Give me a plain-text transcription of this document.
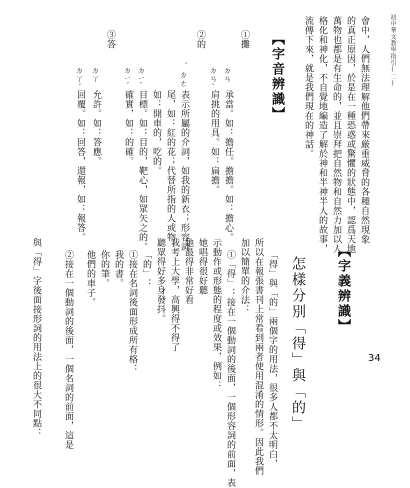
初中華文教學指引(二)
會中，人們無法理解他們帶來厳重威脅的各種自然現象
的真正原因，於是在一種恐惑或驚懼的狀態中，認爲天地
萬物也都是有生命的，並且崇拜把自然物和自然力加以人
格化和神化，不自覺地編造了解於神和半神半人的故事，
流傳下來，就是我們現在的神話。
【字音辨識】
①攤
ㄉㄢ
承當。如：擔任。擔擔。如：擔心。
ㄉㄢˋ
肩挑的用具。如：扁擔。
②的
．ㄉㄜ
表示所屬的介詞，如我的新衣；形容詞
尾，如：紅的花；代替所指的人或物。
如：開車的，吃的。
ㄉㄧˋ
目標。如：目的，靶心，如眾矢之的。
ㄉㄧˊ
確實，如：的確。
③答
ㄉㄚ
允許。如：答應。
ㄉㄚˊ
回覆。如：回答，還報，如：報答。
【字義辨識】
怎樣分別「得」與「的」
「得」與「的」兩個字的用法，很多人都不太明白，
所以在報張書刊上常看到兩者使用混淆的情形。因此我們
加以簡單的介法：
①「得」：接在一個動詞的後面，一個形容詞的前面，表
示動作或形態的程度或效果，例如：
她唱得很好聽
她最得非常好看
我考上大學，高興得不得了
聽眾得好多身發抖。
「的」：
①接在名詞後面形成所有格：
我的書。
你的筆。
他們的車子。
②接在一個動詞的後面，一個名詞的前面，這是
與「得」字後面接形詞的用法上的很大不同點：	34
